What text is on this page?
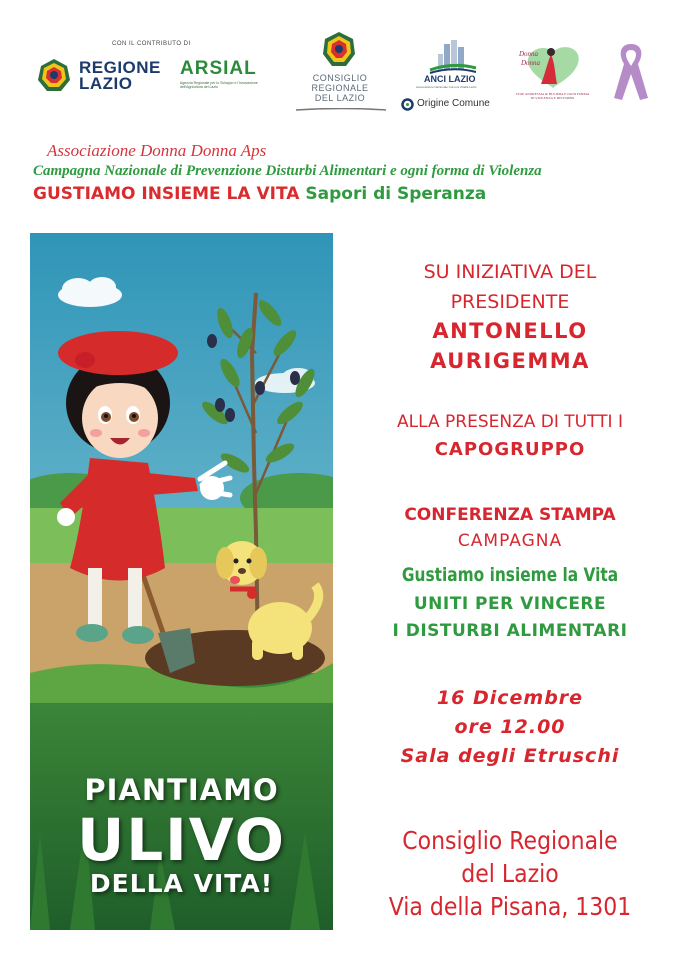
CON IL CONTRIBUTO DI
REGIONE
LAZIO
ARSIAL
Agenzia Regionale per lo Sviluppo e l'Innovazione dell'Agricoltura del Lazio
CONSIGLIO
REGIONALE
DEL LAZIO
ANCI LAZIO
Associazione Nazionale Comuni d'Italia Lazio
Origine Comune
Donna
Donna
STOP ANORESSIA & BULIMIA E OGNI FORMA DI VIOLENZA E DISTURBO
Associazione Donna Donna Aps
Campagna Nazionale di Prevenzione Disturbi Alimentari e ogni forma di Violenza
GUSTIAMO INSIEME LA VITA Sapori di Speranza
PIANTIAMO
ULIVO
DELLA VITA!
SU INIZIATIVA DEL
PRESIDENTE
ANTONELLO
AURIGEMMA
ALLA PRESENZA DI TUTTI I
CAPOGRUPPO
CONFERENZA STAMPA
CAMPAGNA
Gustiamo insieme la Vita
UNITI PER VINCERE
I DISTURBI ALIMENTARI
16 Dicembre
ore 12.00
Sala degli Etruschi
Consiglio Regionale
del Lazio
Via della Pisana, 1301
